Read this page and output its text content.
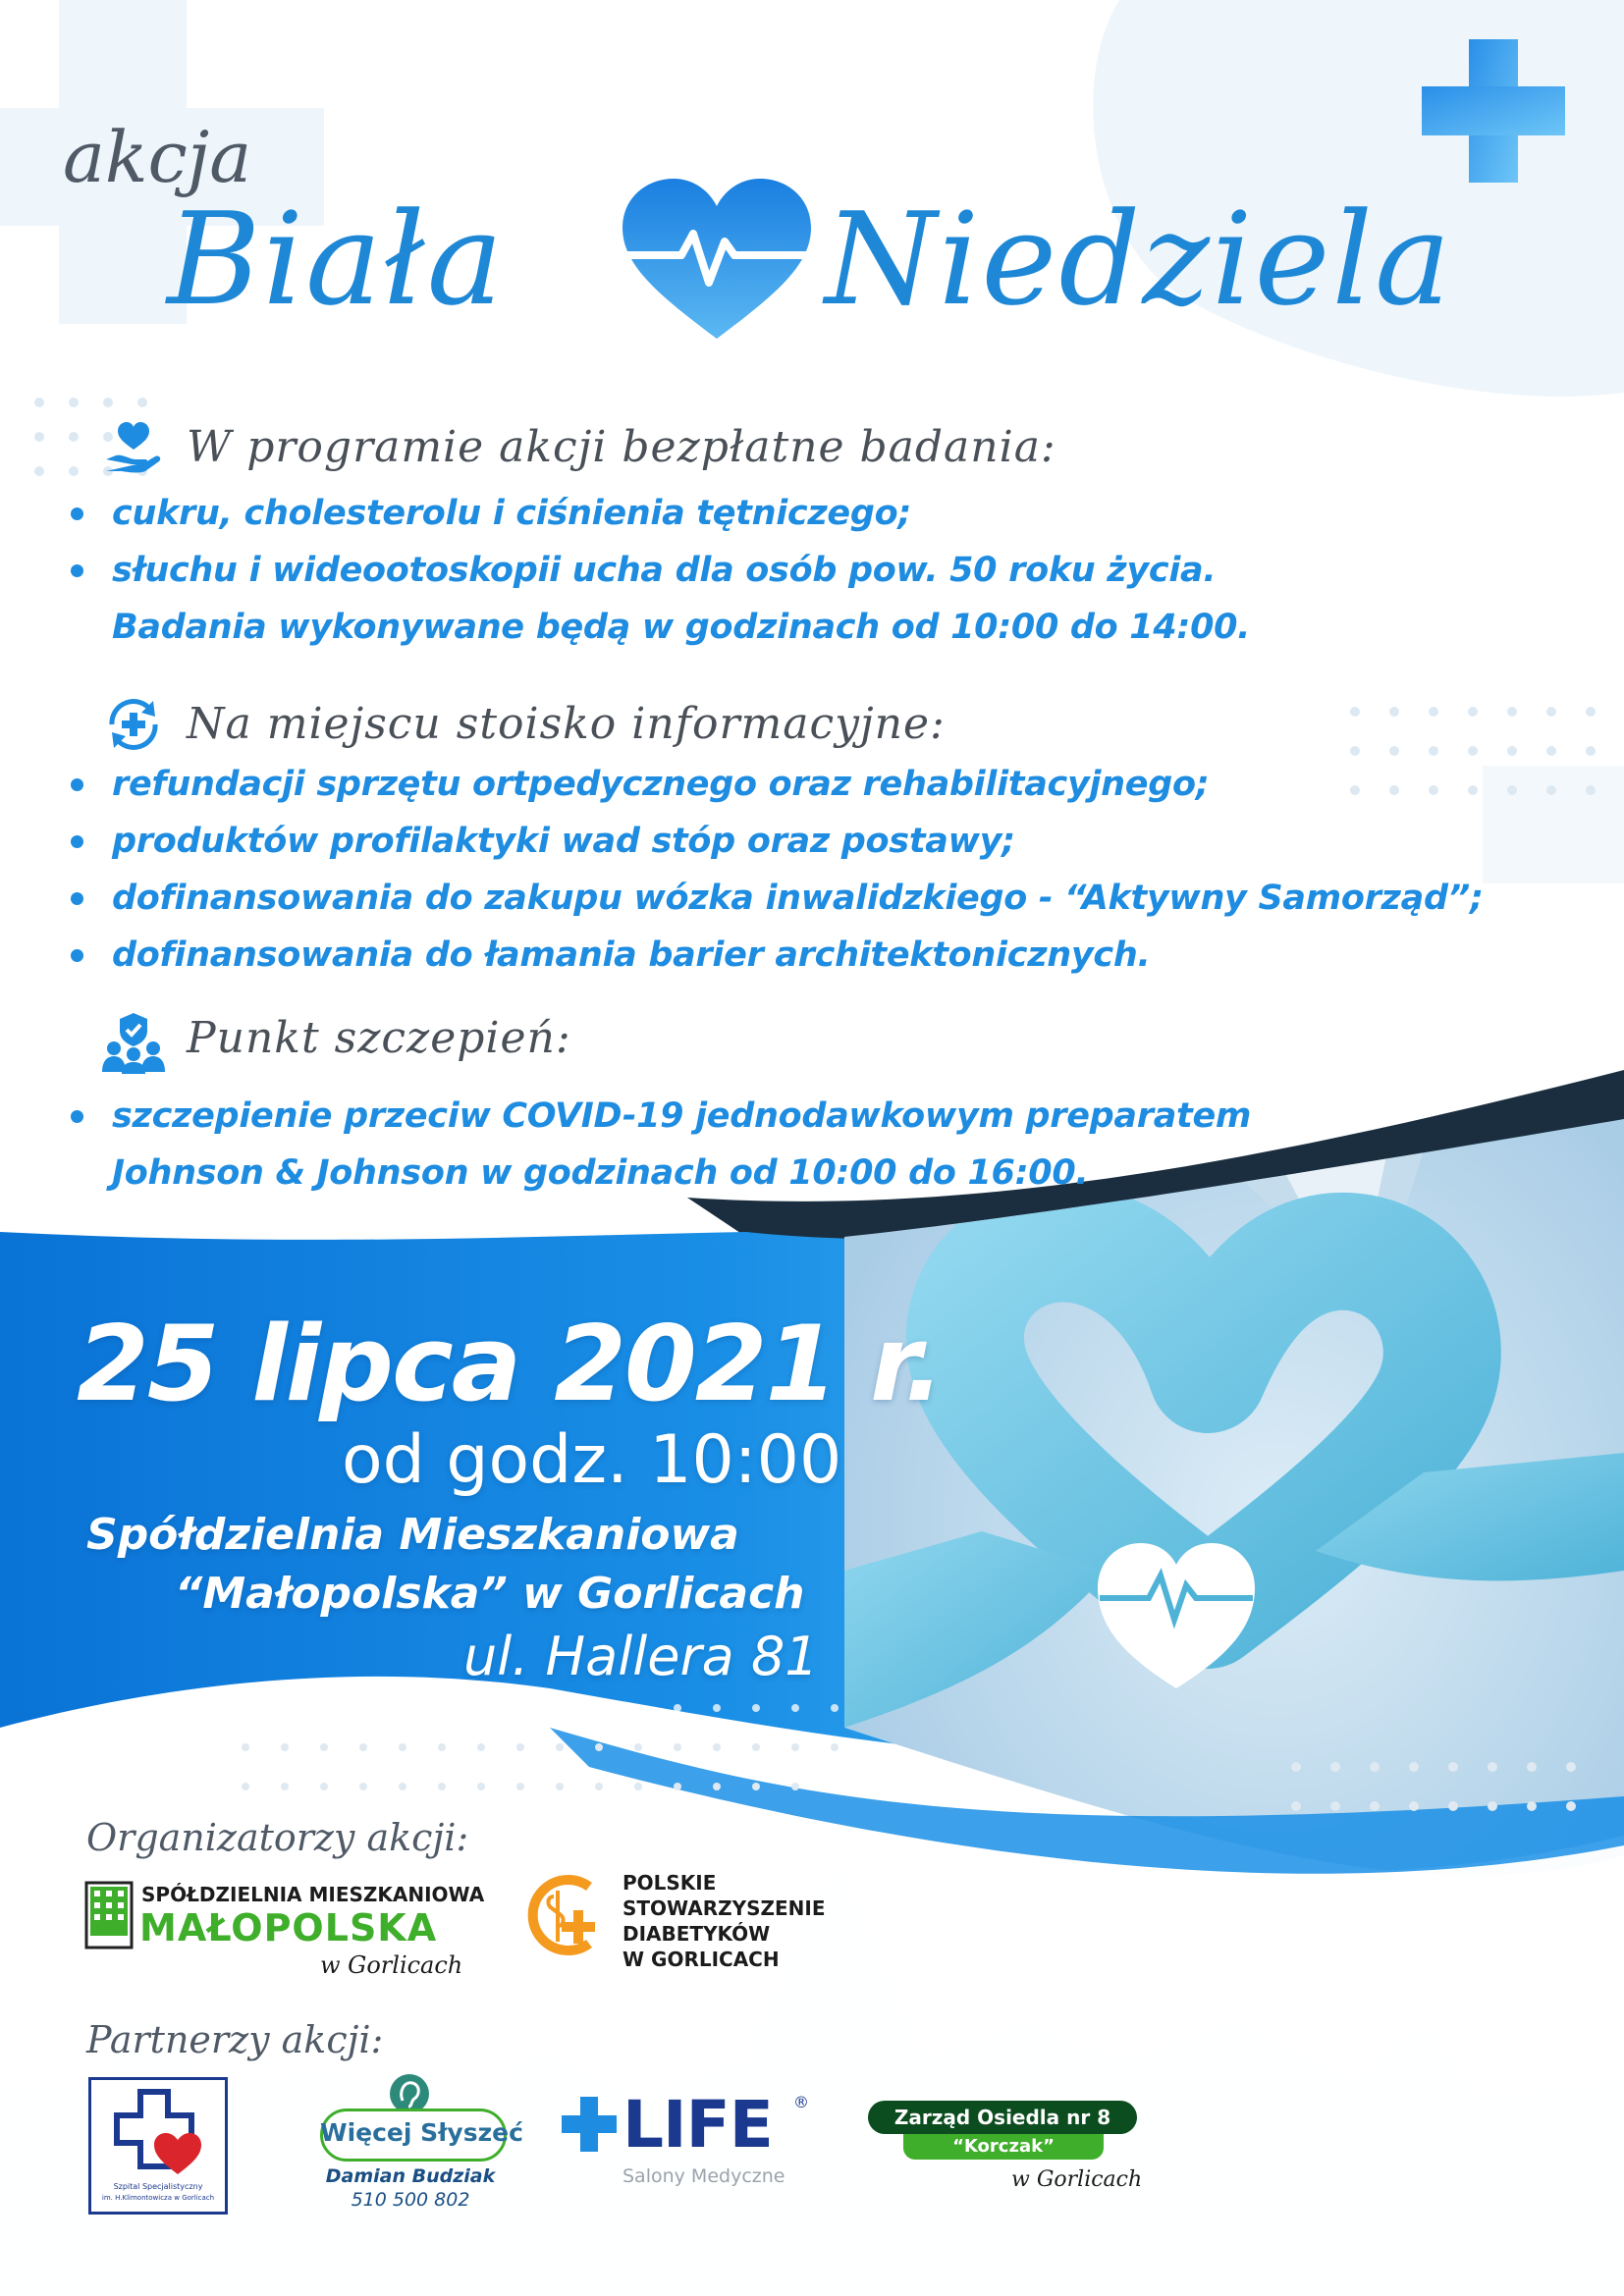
akcja
Biała	Niedziela
W programie akcji bezpłatne badania:
cukru, cholesterolu i ciśnienia tętniczego;
słuchu i wideootoskopii ucha dla osób pow. 50 roku życia.
Badania wykonywane będą w godzinach od 10:00 do 14:00.
Na miejscu stoisko informacyjne:
refundacji sprzętu ortpedycznego oraz rehabilitacyjnego;
produktów profilaktyki wad stóp oraz postawy;
dofinansowania do zakupu wózka inwalidzkiego - “Aktywny Samorząd”;
dofinansowania do łamania barier architektonicznych.
Punkt szczepień:
szczepienie przeciw COVID-19 jednodawkowym preparatem
Johnson & Johnson w godzinach od 10:00 do 16:00.
25 lipca 2021 r.
od godz. 10:00
Spółdzielnia Mieszkaniowa
“Małopolska” w Gorlicach
ul. Hallera 81
Organizatorzy akcji:
SPÓŁDZIELNIA MIESZKANIOWA
MAŁOPOLSKA
w Gorlicach
POLSKIE
STOWARZYSZENIE
DIABETYKÓW
W GORLICACH
Partnerzy akcji:
Szpital Specjalistyczny
im. H.Klimontowicza w Gorlicach
Więcej Słyszeć
Damian Budziak
510 500 802
LIFE ®
Salony Medyczne
Zarząd Osiedla nr 8
“Korczak”
w Gorlicach
